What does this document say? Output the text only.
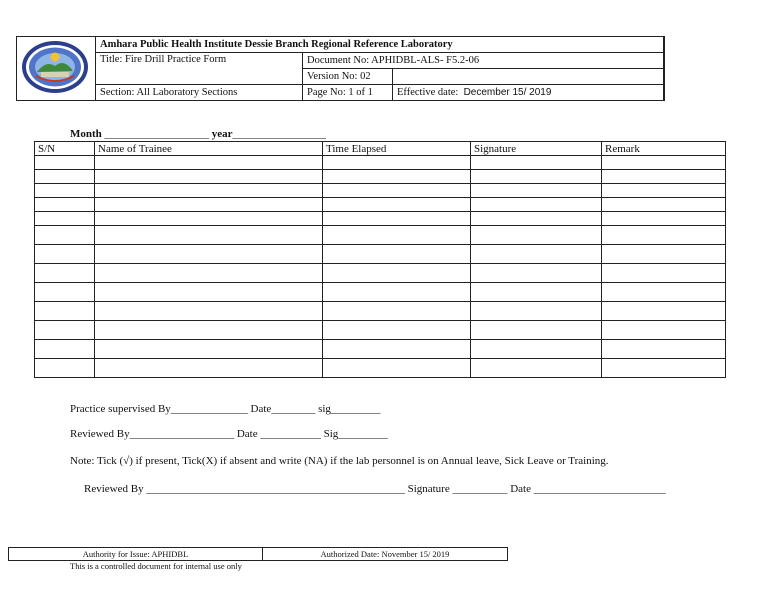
Amhara Public Health Institute Dessie Branch Regional Reference Laboratory		
Title: Fire Drill Practice Form	Document No: APHIDBL-ALS- F5.2-06	
	Version No: 02	
Section: All Laboratory Sections	Page No: 1 of 1	Effective date: December 15/ 2019
Month ___________________ year_________________
S/N	Name of Trainee	Time Elapsed	Signature	Remark

Practice supervised By______________ Date________ sig_________
Reviewed By___________________ Date ___________ Sig_________
Note: Tick (√) if present, Tick(X) if absent and write (NA) if the lab personnel is on Annual leave, Sick Leave or Training.
Reviewed By _______________________________________________ Signature __________ Date ________________________
Authority for Issue: APHIDBL	Authorized Date: November 15/ 2019
This is a controlled document for internal use only
